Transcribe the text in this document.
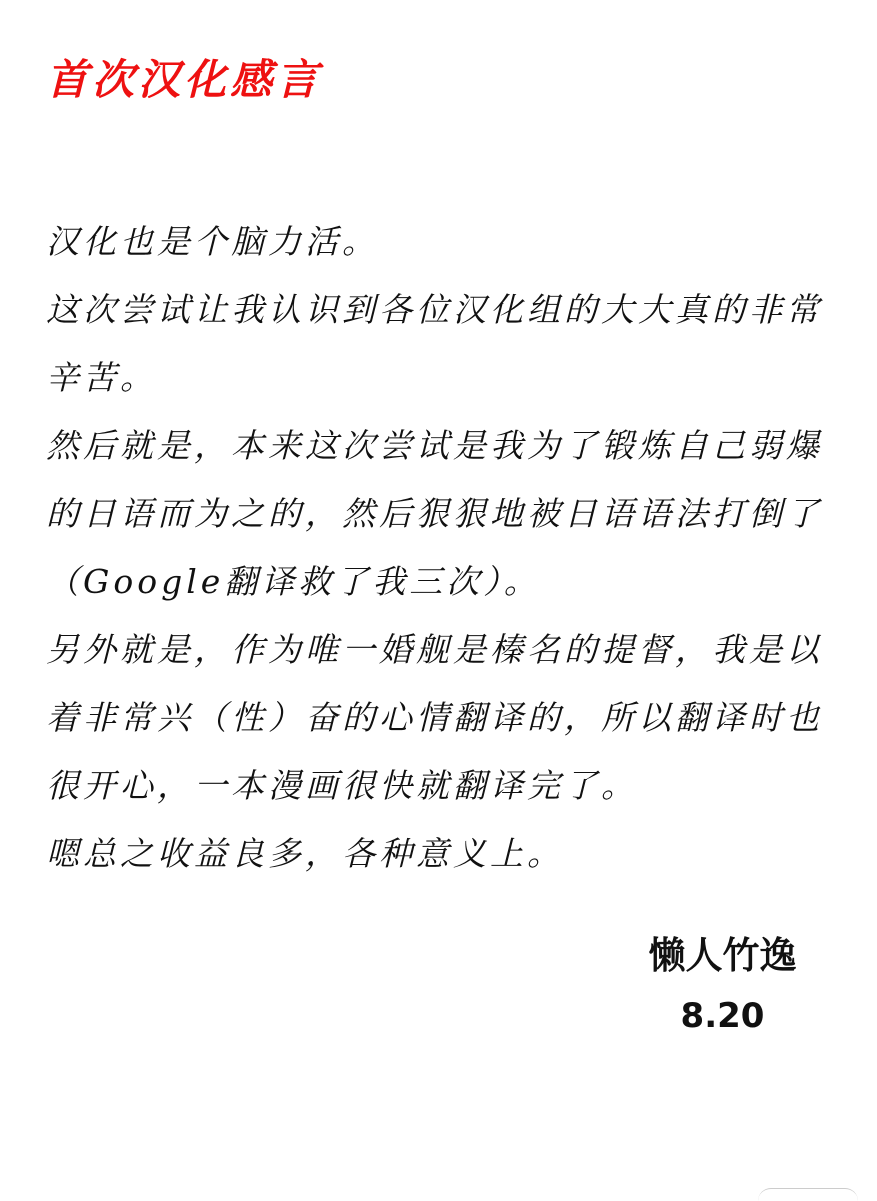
首次汉化感言

汉化也是个脑力活。

这次尝试让我认识到各位汉化组的大大真的非常辛苦。

然后就是，本来这次尝试是我为了锻炼自己弱爆的日语而为之的，然后狠狠地被日语语法打倒了（Google翻译救了我三次）。

另外就是，作为唯一婚舰是榛名的提督，我是以着非常兴（性）奋的心情翻译的，所以翻译时也很开心，一本漫画很快就翻译完了。

嗯总之收益良多，各种意义上。

懒人竹逸
8.20
